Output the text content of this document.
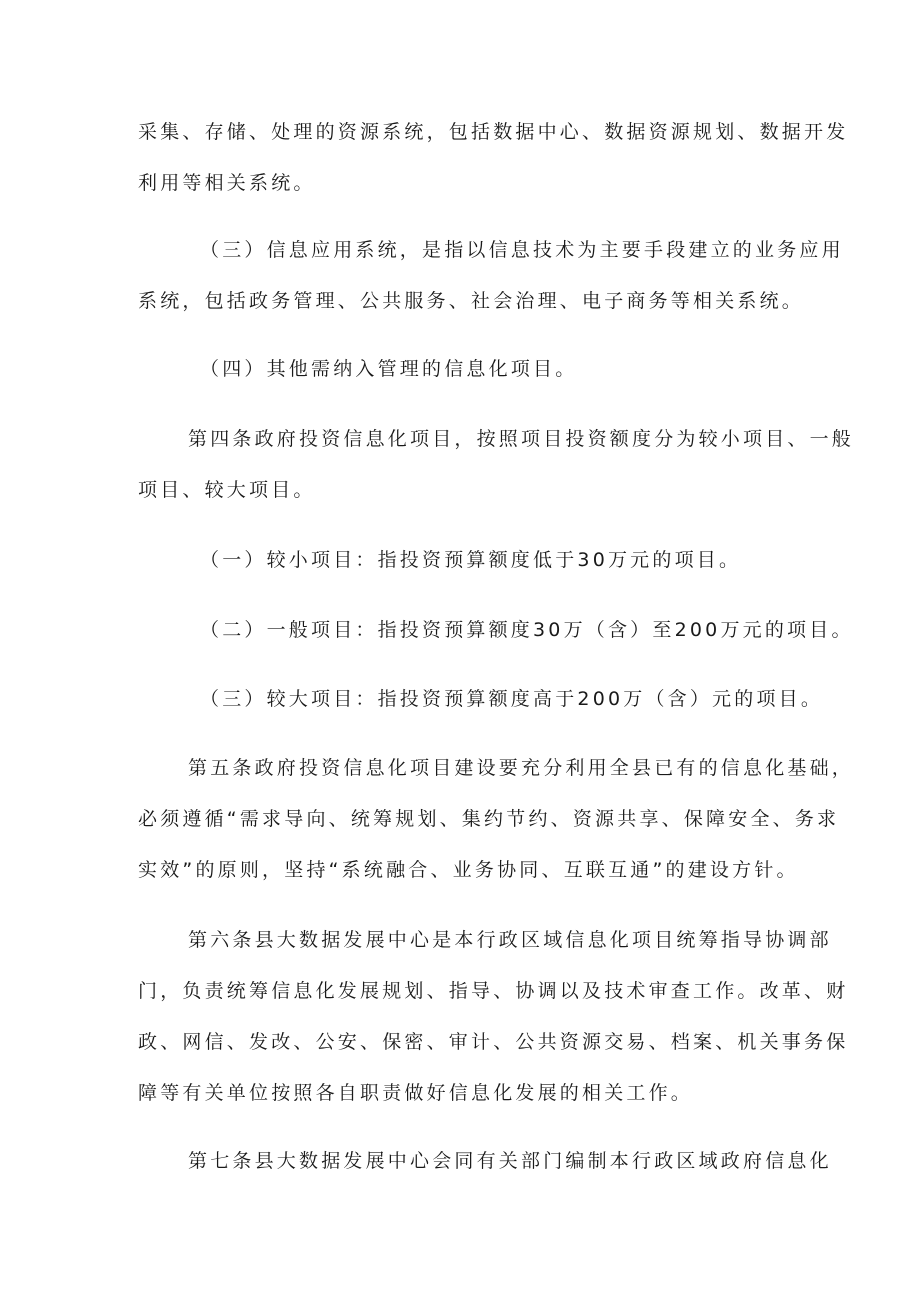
采集、存储、处理的资源系统，包括数据中心、数据资源规划、数据开发
利用等相关系统。
（三）信息应用系统，是指以信息技术为主要手段建立的业务应用
系统，包括政务管理、公共服务、社会治理、电子商务等相关系统。
（四）其他需纳入管理的信息化项目。
第四条政府投资信息化项目，按照项目投资额度分为较小项目、一般
项目、较大项目。
（一）较小项目：指投资预算额度低于30万元的项目。
（二）一般项目：指投资预算额度30万（含）至200万元的项目。
（三）较大项目：指投资预算额度高于200万（含）元的项目。
第五条政府投资信息化项目建设要充分利用全县已有的信息化基础，
必须遵循“需求导向、统筹规划、集约节约、资源共享、保障安全、务求
实效”的原则，坚持“系统融合、业务协同、互联互通”的建设方针。
第六条县大数据发展中心是本行政区域信息化项目统筹指导协调部
门，负责统筹信息化发展规划、指导、协调以及技术审查工作。改革、财
政、网信、发改、公安、保密、审计、公共资源交易、档案、机关事务保
障等有关单位按照各自职责做好信息化发展的相关工作。
第七条县大数据发展中心会同有关部门编制本行政区域政府信息化
